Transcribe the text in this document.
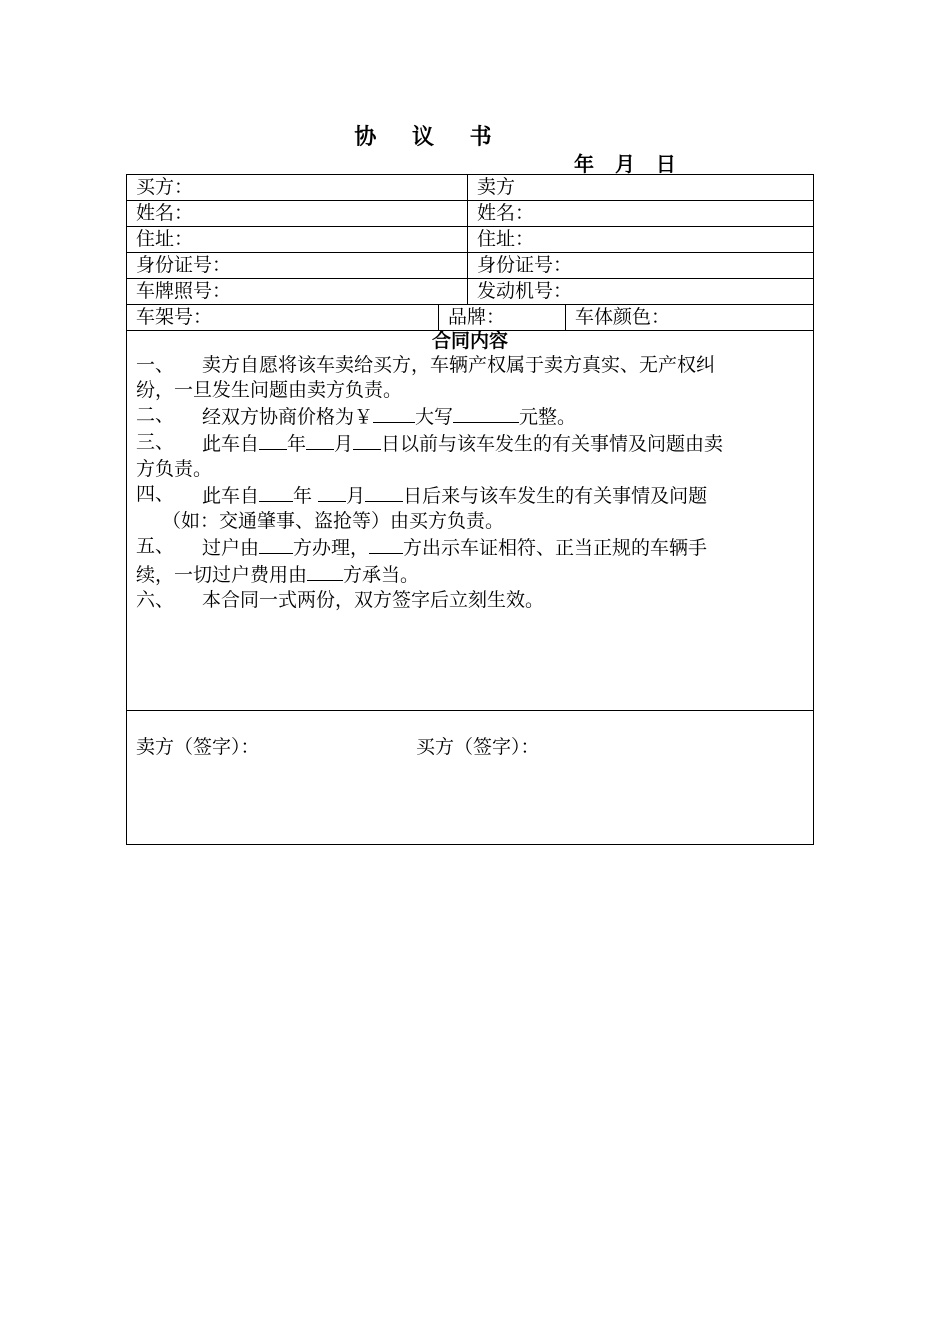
协 议 书
年 月 日
买方：	卖方
姓名：	姓名：
住址：	住址：
身份证号：	身份证号：
车牌照号：	发动机号：
车架号：	品牌：	车体颜色：
合同内容
一、	卖方自愿将该车卖给买方，车辆产权属于卖方真实、无产权纠
纷，一旦发生问题由卖方负责。
二、	经双方协商价格为￥ 大写	元整。
三、	此车自 年 月 日以前与该车发生的有关事情及问题由卖
方负责。
四、	此车自 年 月 日后来与该车发生的有关事情及问题
（如：交通肇事、盗抢等）由买方负责。
五、	过户由 方办理， 方出示车证相符、正当正规的车辆手
续，一切过户费用由 方承当。
六、	本合同一式两份，双方签字后立刻生效。
卖方（签字）：	买方（签字）：
